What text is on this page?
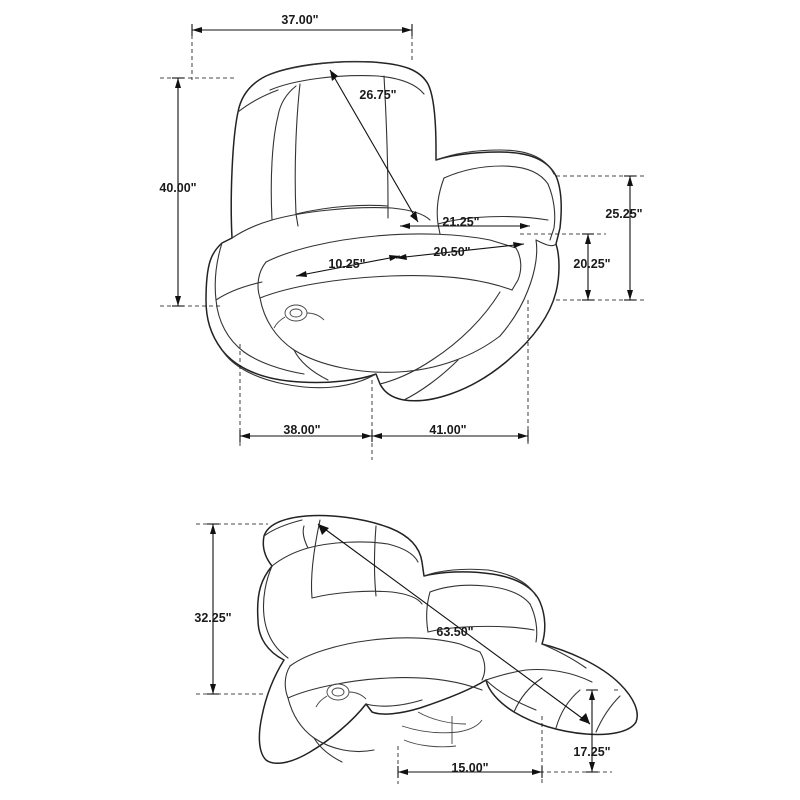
37.00"
26.75"
40.00"
25.25"
21.25"
20.50"
20.25"
10.25"
38.00"	41.00"
32.25"
63.50"
17.25"
15.00"
